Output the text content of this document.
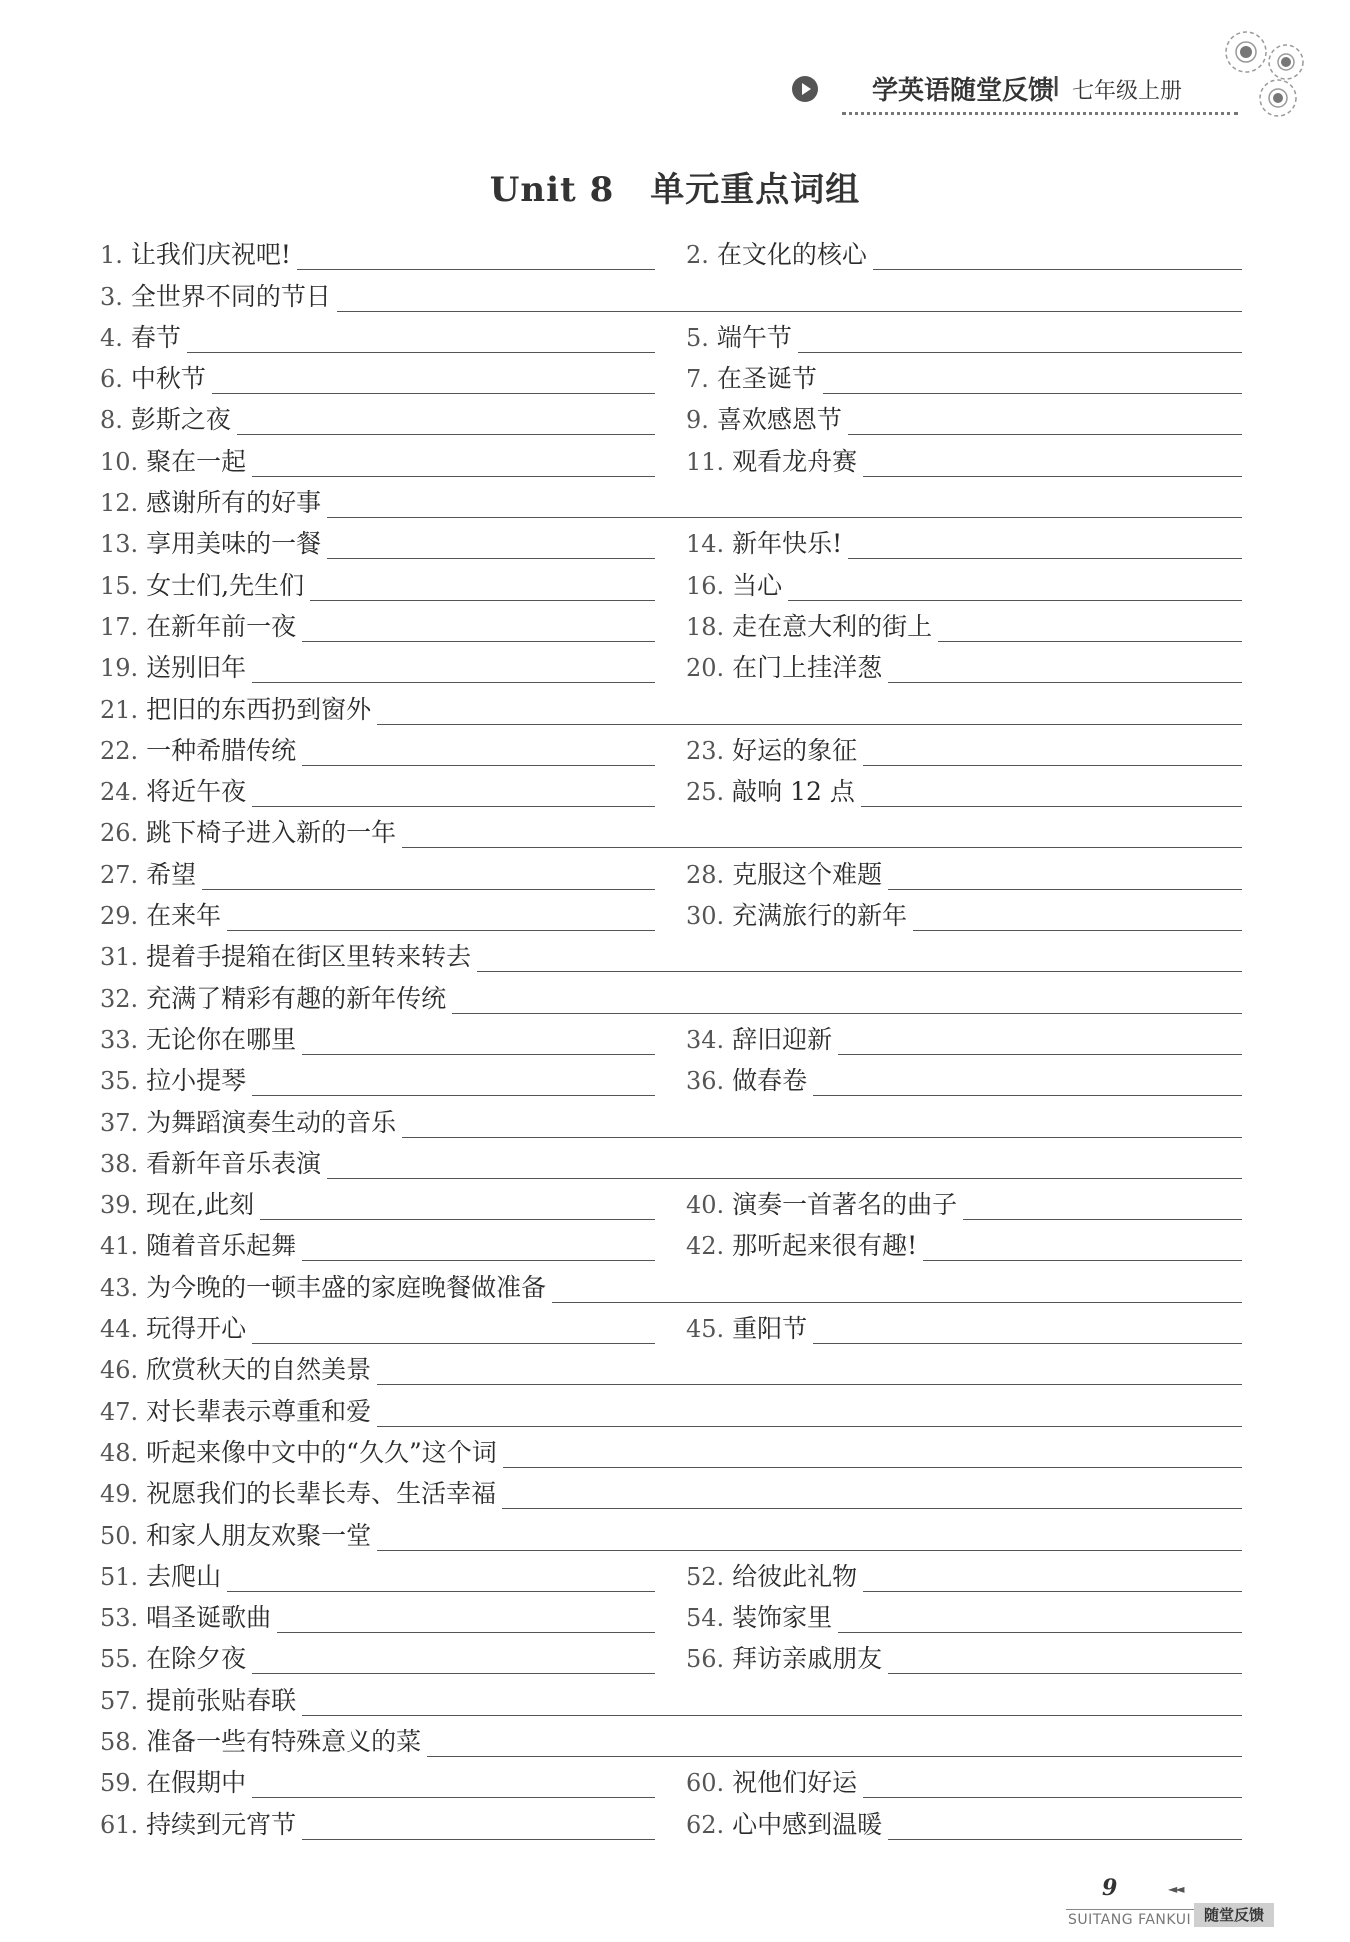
学英语随堂反馈
I 七年级上册
Unit 8 单元重点词组
1. 让我们庆祝吧!	2. 在文化的核心
3. 全世界不同的节日
4. 春节	5. 端午节
6. 中秋节	7. 在圣诞节
8. 彭斯之夜	9. 喜欢感恩节
10. 聚在一起	11. 观看龙舟赛
12. 感谢所有的好事
13. 享用美味的一餐	14. 新年快乐!
15. 女士们,先生们	16. 当心
17. 在新年前一夜	18. 走在意大利的街上
19. 送别旧年	20. 在门上挂洋葱
21. 把旧的东西扔到窗外
22. 一种希腊传统	23. 好运的象征
24. 将近午夜	25. 敲响 12 点
26. 跳下椅子进入新的一年
27. 希望	28. 克服这个难题
29. 在来年	30. 充满旅行的新年
31. 提着手提箱在街区里转来转去
32. 充满了精彩有趣的新年传统
33. 无论你在哪里	34. 辞旧迎新
35. 拉小提琴	36. 做春卷
37. 为舞蹈演奏生动的音乐
38. 看新年音乐表演
39. 现在,此刻	40. 演奏一首著名的曲子
41. 随着音乐起舞	42. 那听起来很有趣!
43. 为今晚的一顿丰盛的家庭晚餐做准备
44. 玩得开心	45. 重阳节
46. 欣赏秋天的自然美景
47. 对长辈表示尊重和爱
48. 听起来像中文中的“久久”这个词
49. 祝愿我们的长辈长寿、生活幸福
50. 和家人朋友欢聚一堂
51. 去爬山	52. 给彼此礼物
53. 唱圣诞歌曲	54. 装饰家里
55. 在除夕夜	56. 拜访亲戚朋友
57. 提前张贴春联
58. 准备一些有特殊意义的菜
59. 在假期中	60. 祝他们好运
61. 持续到元宵节	62. 心中感到温暖
9	◄◄
SUITANG FANKUI 随堂反馈
